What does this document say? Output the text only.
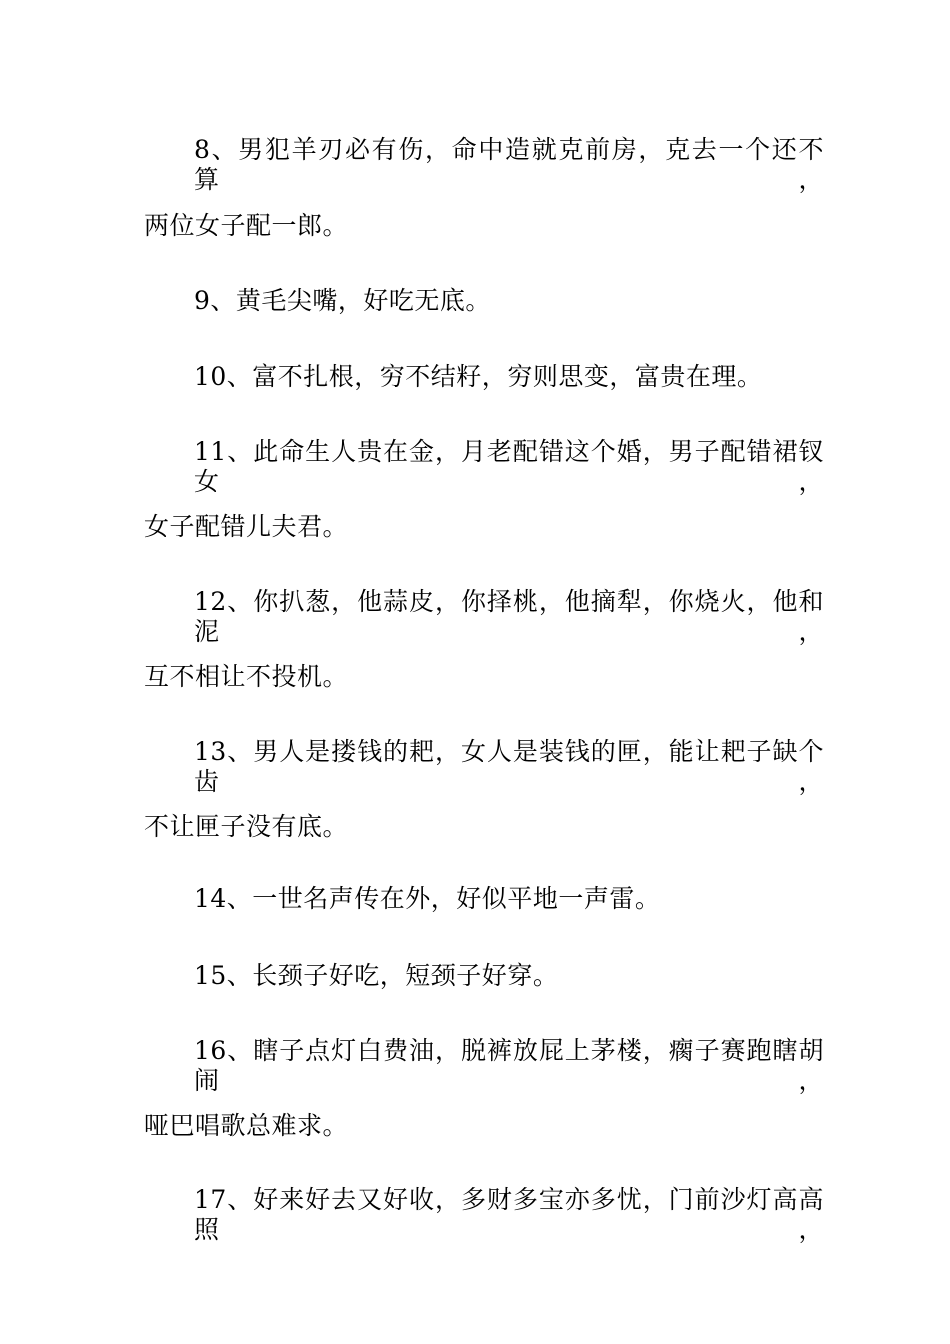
8、男犯羊刃必有伤，命中造就克前房，克去一个还不算，
两位女子配一郎。
9、黄毛尖嘴，好吃无底。
10、富不扎根，穷不结籽，穷则思变，富贵在理。
11、此命生人贵在金，月老配错这个婚，男子配错裙钗女，
女子配错儿夫君。
12、你扒葱，他蒜皮，你择桃，他摘犁，你烧火，他和泥，
互不相让不投机。
13、男人是搂钱的耙，女人是装钱的匣，能让耙子缺个齿，
不让匣子没有底。
14、一世名声传在外，好似平地一声雷。
15、长颈子好吃，短颈子好穿。
16、瞎子点灯白费油，脱裤放屁上茅楼，瘸子赛跑瞎胡闹，
哑巴唱歌总难求。
17、好来好去又好收，多财多宝亦多忧，门前沙灯高高照，
